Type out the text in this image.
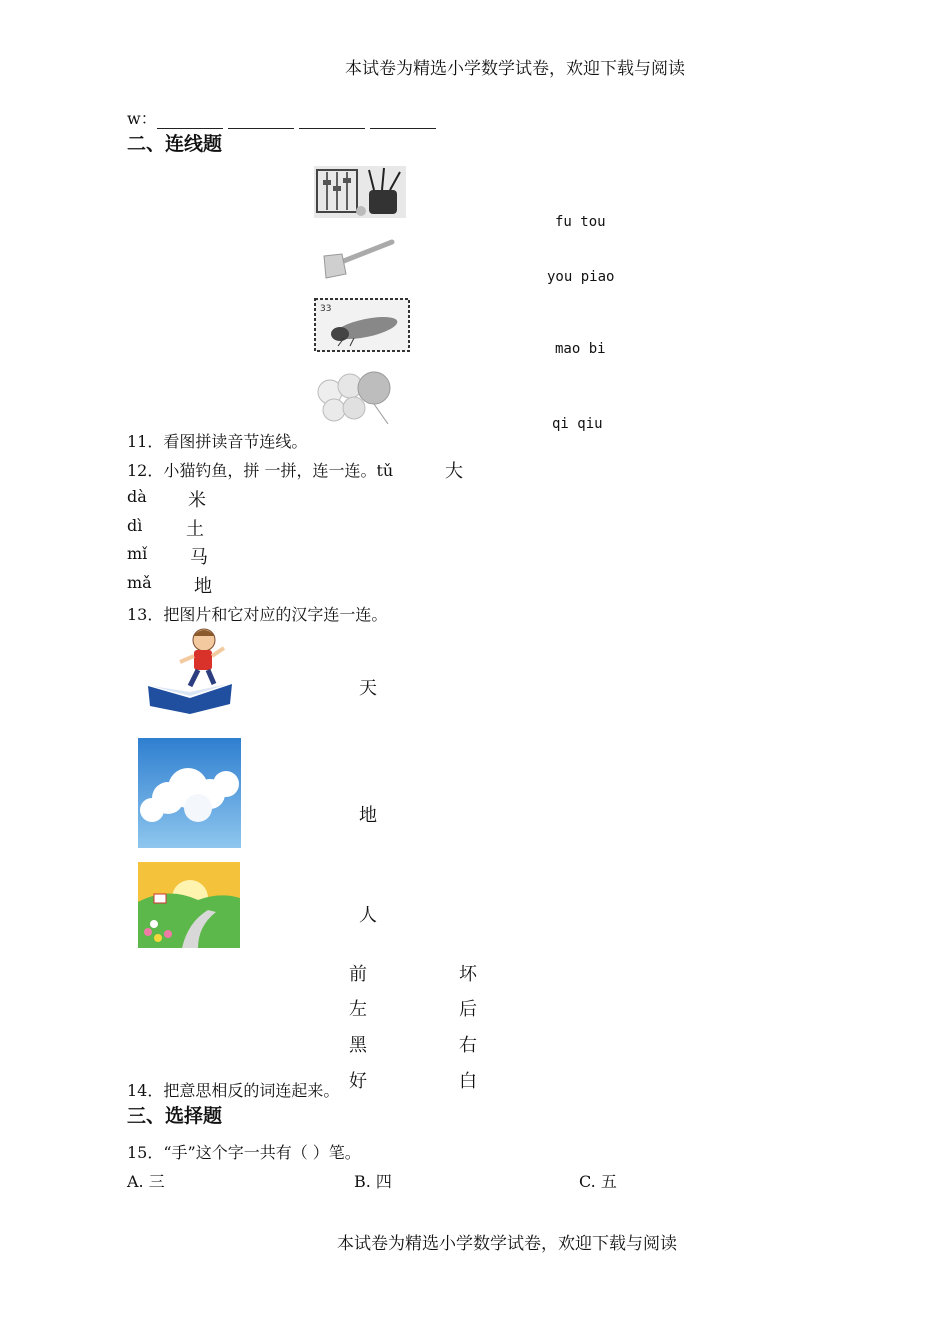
本试卷为精选小学数学试卷，欢迎下载与阅读
w：
二、连线题
33
fu tou
you piao
mao bi
qi qiu
11．看图拼读音节连线。
12．小猫钓鱼，拼 一拼，连一连。tǔ	大
dà 米
dì 土
mǐ 马
mǎ 地
13．把图片和它对应的汉字连一连。
天
地
人
前	坏
左	后
黑	右
好	白
14．把意思相反的词连起来。
三、选择题
15．“手”这个字一共有（ ）笔。
A. 三	B. 四	C. 五
本试卷为精选小学数学试卷，欢迎下载与阅读
